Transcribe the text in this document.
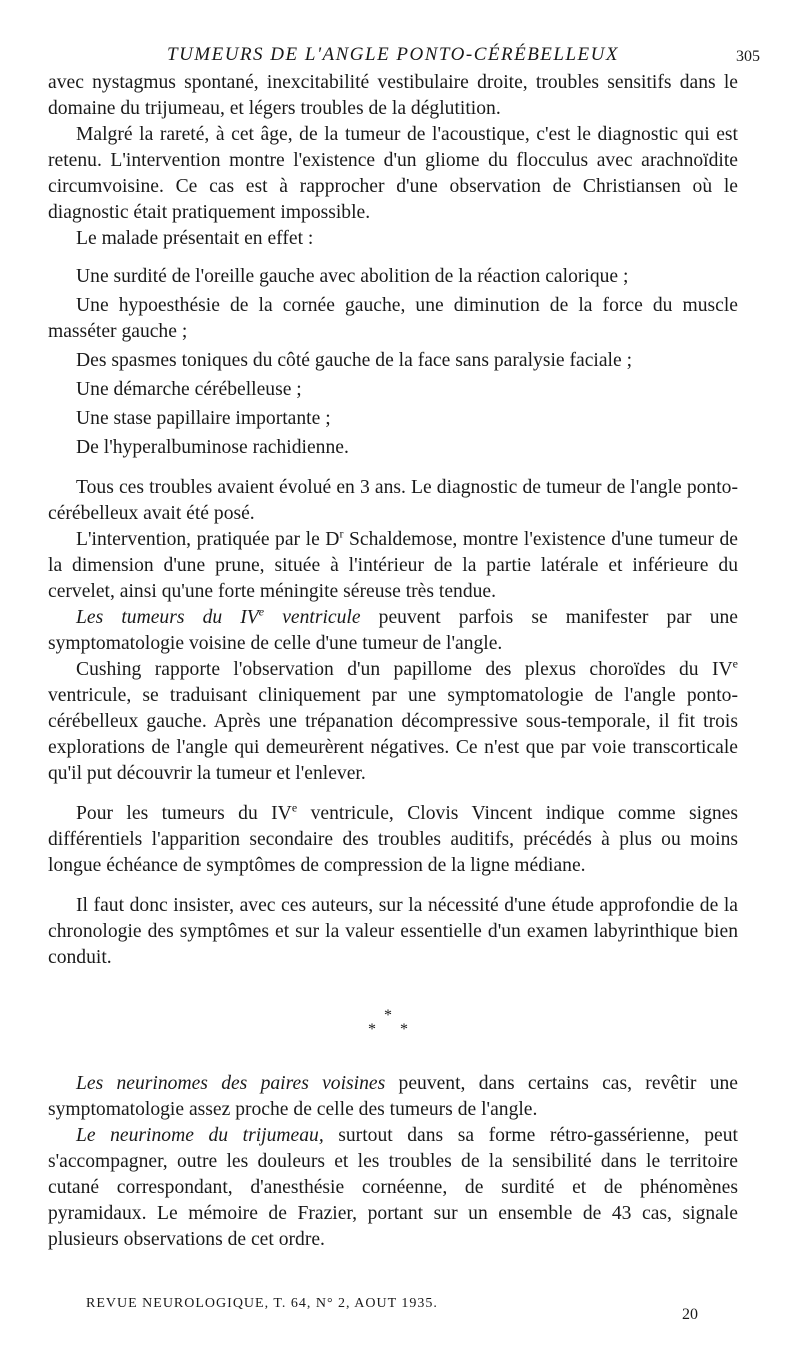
TUMEURS DE L'ANGLE PONTO-CÉRÉBELLEUX	305

avec nystagmus spontané, inexcitabilité vestibulaire droite, troubles sensitifs dans le domaine du trijumeau, et légers troubles de la déglutition.

Malgré la rareté, à cet âge, de la tumeur de l'acoustique, c'est le diagnostic qui est retenu. L'intervention montre l'existence d'un gliome du flocculus avec arachnoïdite circumvoisine. Ce cas est à rapprocher d'une observation de Christiansen où le diagnostic était pratiquement impossible.

Le malade présentait en effet :

Une surdité de l'oreille gauche avec abolition de la réaction calorique ;

Une hypoesthésie de la cornée gauche, une diminution de la force du muscle masséter gauche ;

Des spasmes toniques du côté gauche de la face sans paralysie faciale ;

Une démarche cérébelleuse ;

Une stase papillaire importante ;

De l'hyperalbuminose rachidienne.

Tous ces troubles avaient évolué en 3 ans. Le diagnostic de tumeur de l'angle ponto-cérébelleux avait été posé.

L'intervention, pratiquée par le $D^r$ Schaldemose, montre l'existence d'une tumeur de la dimension d'une prune, située à l'intérieur de la partie latérale et inférieure du cervelet, ainsi qu'une forte méningite séreuse très tendue.

Les tumeurs du IVe ventricule peuvent parfois se manifester par une symptomatologie voisine de celle d'une tumeur de l'angle.

Cushing rapporte l'observation d'un papillome des plexus choroïdes du IVe ventricule, se traduisant cliniquement par une symptomatologie de l'angle ponto-cérébelleux gauche. Après une trépanation décompressive sous-temporale, il fit trois explorations de l'angle qui demeurèrent négatives. Ce n'est que par voie transcorticale qu'il put découvrir la tumeur et l'enlever.

Pour les tumeurs du IVe ventricule, Clovis Vincent indique comme signes différentiels l'apparition secondaire des troubles auditifs, précédés à plus ou moins longue échéance de symptômes de compression de la ligne médiane.

Il faut donc insister, avec ces auteurs, sur la nécessité d'une étude approfondie de la chronologie des symptômes et sur la valeur essentielle d'un examen labyrinthique bien conduit.

*
* *

Les neurinomes des paires voisines peuvent, dans certains cas, revêtir une symptomatologie assez proche de celle des tumeurs de l'angle.

Le neurinome du trijumeau, surtout dans sa forme rétro-gassérienne, peut s'accompagner, outre les douleurs et les troubles de la sensibilité dans le territoire cutané correspondant, d'anesthésie cornéenne, de surdité et de phénomènes pyramidaux. Le mémoire de Frazier, portant sur un ensemble de 43 cas, signale plusieurs observations de cet ordre.

REVUE NEUROLOGIQUE, T. 64, N° 2, AOUT 1935.
20
